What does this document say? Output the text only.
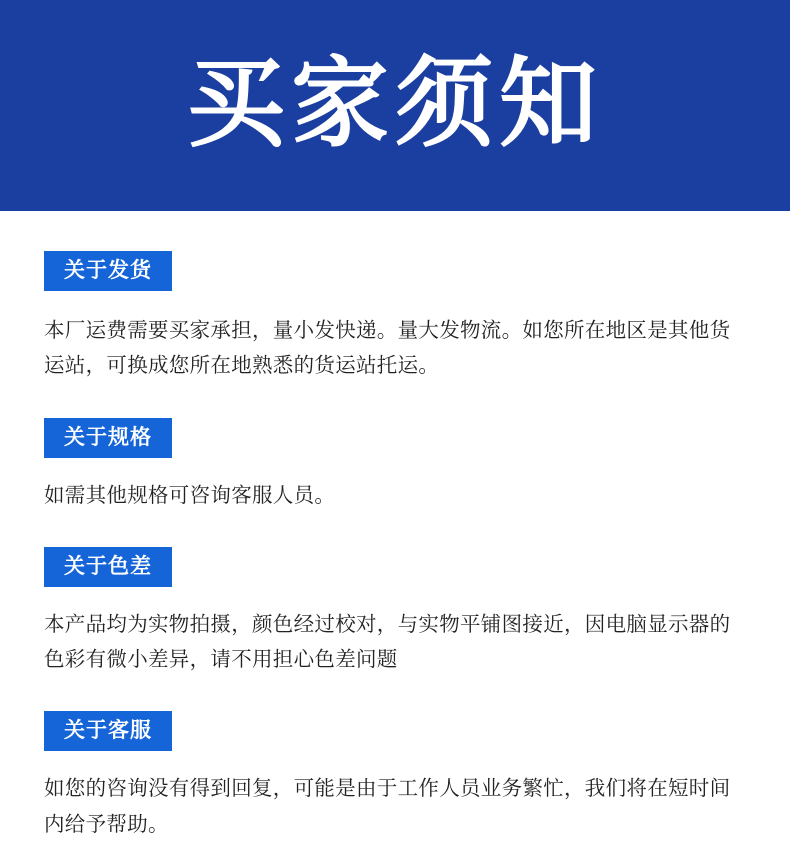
买家须知
关于发货
本厂运费需要买家承担，量小发快递。量大发物流。如您所在地区是其他货运站，可换成您所在地熟悉的货运站托运。
关于规格
如需其他规格可咨询客服人员。
关于色差
本产品均为实物拍摄，颜色经过校对，与实物平铺图接近，因电脑显示器的色彩有微小差异，请不用担心色差问题
关于客服
如您的咨询没有得到回复，可能是由于工作人员业务繁忙，我们将在短时间内给予帮助。
